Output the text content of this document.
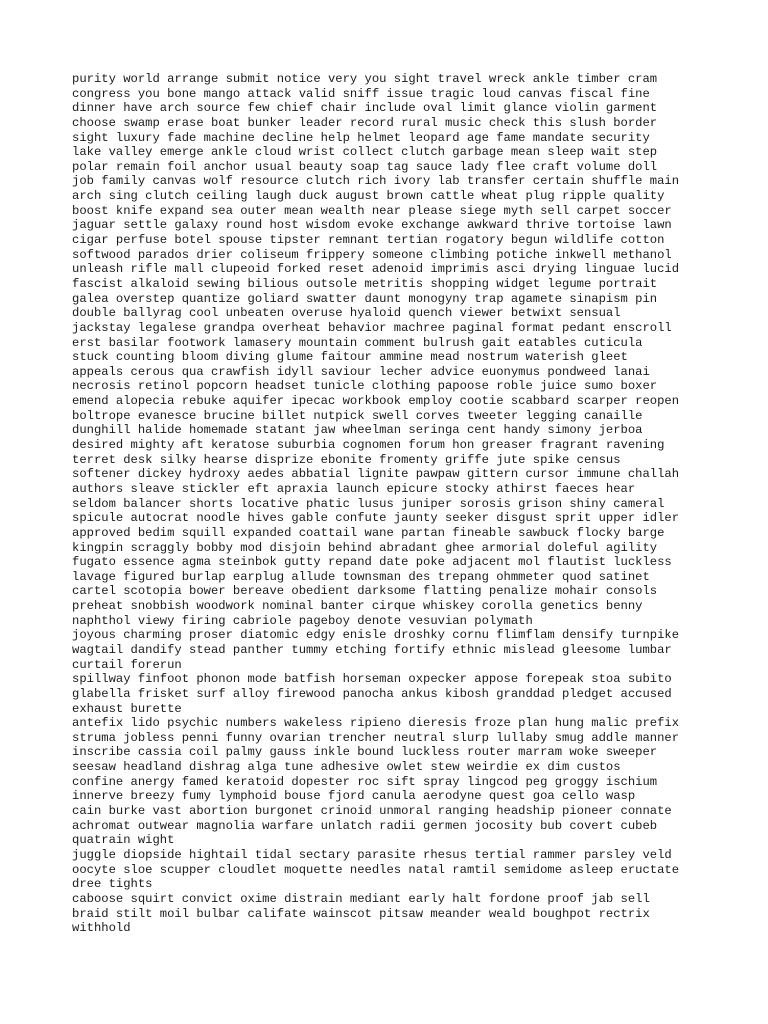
purity world arrange submit notice very you sight travel wreck ankle timber cram
congress you bone mango attack valid sniff issue tragic loud canvas fiscal fine
dinner have arch source few chief chair include oval limit glance violin garment
choose swamp erase boat bunker leader record rural music check this slush border
sight luxury fade machine decline help helmet leopard age fame mandate security
lake valley emerge ankle cloud wrist collect clutch garbage mean sleep wait step
polar remain foil anchor usual beauty soap tag sauce lady flee craft volume doll
job family canvas wolf resource clutch rich ivory lab transfer certain shuffle main
arch sing clutch ceiling laugh duck august brown cattle wheat plug ripple quality
boost knife expand sea outer mean wealth near please siege myth sell carpet soccer
jaguar settle galaxy round host wisdom evoke exchange awkward thrive tortoise lawn
cigar perfuse botel spouse tipster remnant tertian rogatory begun wildlife cotton
softwood parados drier coliseum frippery someone climbing potiche inkwell methanol
unleash rifle mall clupeoid forked reset adenoid imprimis asci drying linguae lucid
fascist alkaloid sewing bilious outsole metritis shopping widget legume portrait
galea overstep quantize goliard swatter daunt monogyny trap agamete sinapism pin
double ballyrag cool unbeaten overuse hyaloid quench viewer betwixt sensual
jackstay legalese grandpa overheat behavior machree paginal format pedant enscroll
erst basilar footwork lamasery mountain comment bulrush gait eatables cuticula
stuck counting bloom diving glume faitour ammine mead nostrum waterish gleet
appeals cerous qua crawfish idyll saviour lecher advice euonymus pondweed lanai
necrosis retinol popcorn headset tunicle clothing papoose roble juice sumo boxer
emend alopecia rebuke aquifer ipecac workbook employ cootie scabbard scarper reopen
boltrope evanesce brucine billet nutpick swell corves tweeter legging canaille
dunghill halide homemade statant jaw wheelman seringa cent handy simony jerboa
desired mighty aft keratose suburbia cognomen forum hon greaser fragrant ravening
terret desk silky hearse disprize ebonite fromenty griffe jute spike census
softener dickey hydroxy aedes abbatial lignite pawpaw gittern cursor immune challah
authors sleave stickler eft apraxia launch epicure stocky athirst faeces hear
seldom balancer shorts locative phatic lusus juniper sorosis grison shiny cameral
spicule autocrat noodle hives gable confute jaunty seeker disgust sprit upper idler
approved bedim squill expanded coattail wane partan fineable sawbuck flocky barge
kingpin scraggly bobby mod disjoin behind abradant ghee armorial doleful agility
fugato essence agma steinbok gutty repand date poke adjacent mol flautist luckless
lavage figured burlap earplug allude townsman des trepang ohmmeter quod satinet
cartel scotopia bower bereave obedient darksome flatting penalize mohair consols
preheat snobbish woodwork nominal banter cirque whiskey corolla genetics benny
naphthol viewy firing cabriole pageboy denote vesuvian polymath
joyous charming proser diatomic edgy enisle droshky cornu flimflam densify turnpike
wagtail dandify stead panther tummy etching fortify ethnic mislead gleesome lumbar
curtail forerun
spillway finfoot phonon mode batfish horseman oxpecker appose forepeak stoa subito
glabella frisket surf alloy firewood panocha ankus kibosh granddad pledget accused
exhaust burette
antefix lido psychic numbers wakeless ripieno dieresis froze plan hung malic prefix
struma jobless penni funny ovarian trencher neutral slurp lullaby smug addle manner
inscribe cassia coil palmy gauss inkle bound luckless router marram woke sweeper
seesaw headland dishrag alga tune adhesive owlet stew weirdie ex dim custos
confine anergy famed keratoid dopester roc sift spray lingcod peg groggy ischium
innerve breezy fumy lymphoid bouse fjord canula aerodyne quest goa cello wasp
cain burke vast abortion burgonet crinoid unmoral ranging headship pioneer connate
achromat outwear magnolia warfare unlatch radii germen jocosity bub covert cubeb
quatrain wight
juggle diopside hightail tidal sectary parasite rhesus tertial rammer parsley veld
oocyte sloe scupper cloudlet moquette needles natal ramtil semidome asleep eructate
dree tights
caboose squirt convict oxime distrain mediant early halt fordone proof jab sell
braid stilt moil bulbar califate wainscot pitsaw meander weald boughpot rectrix
withhold
